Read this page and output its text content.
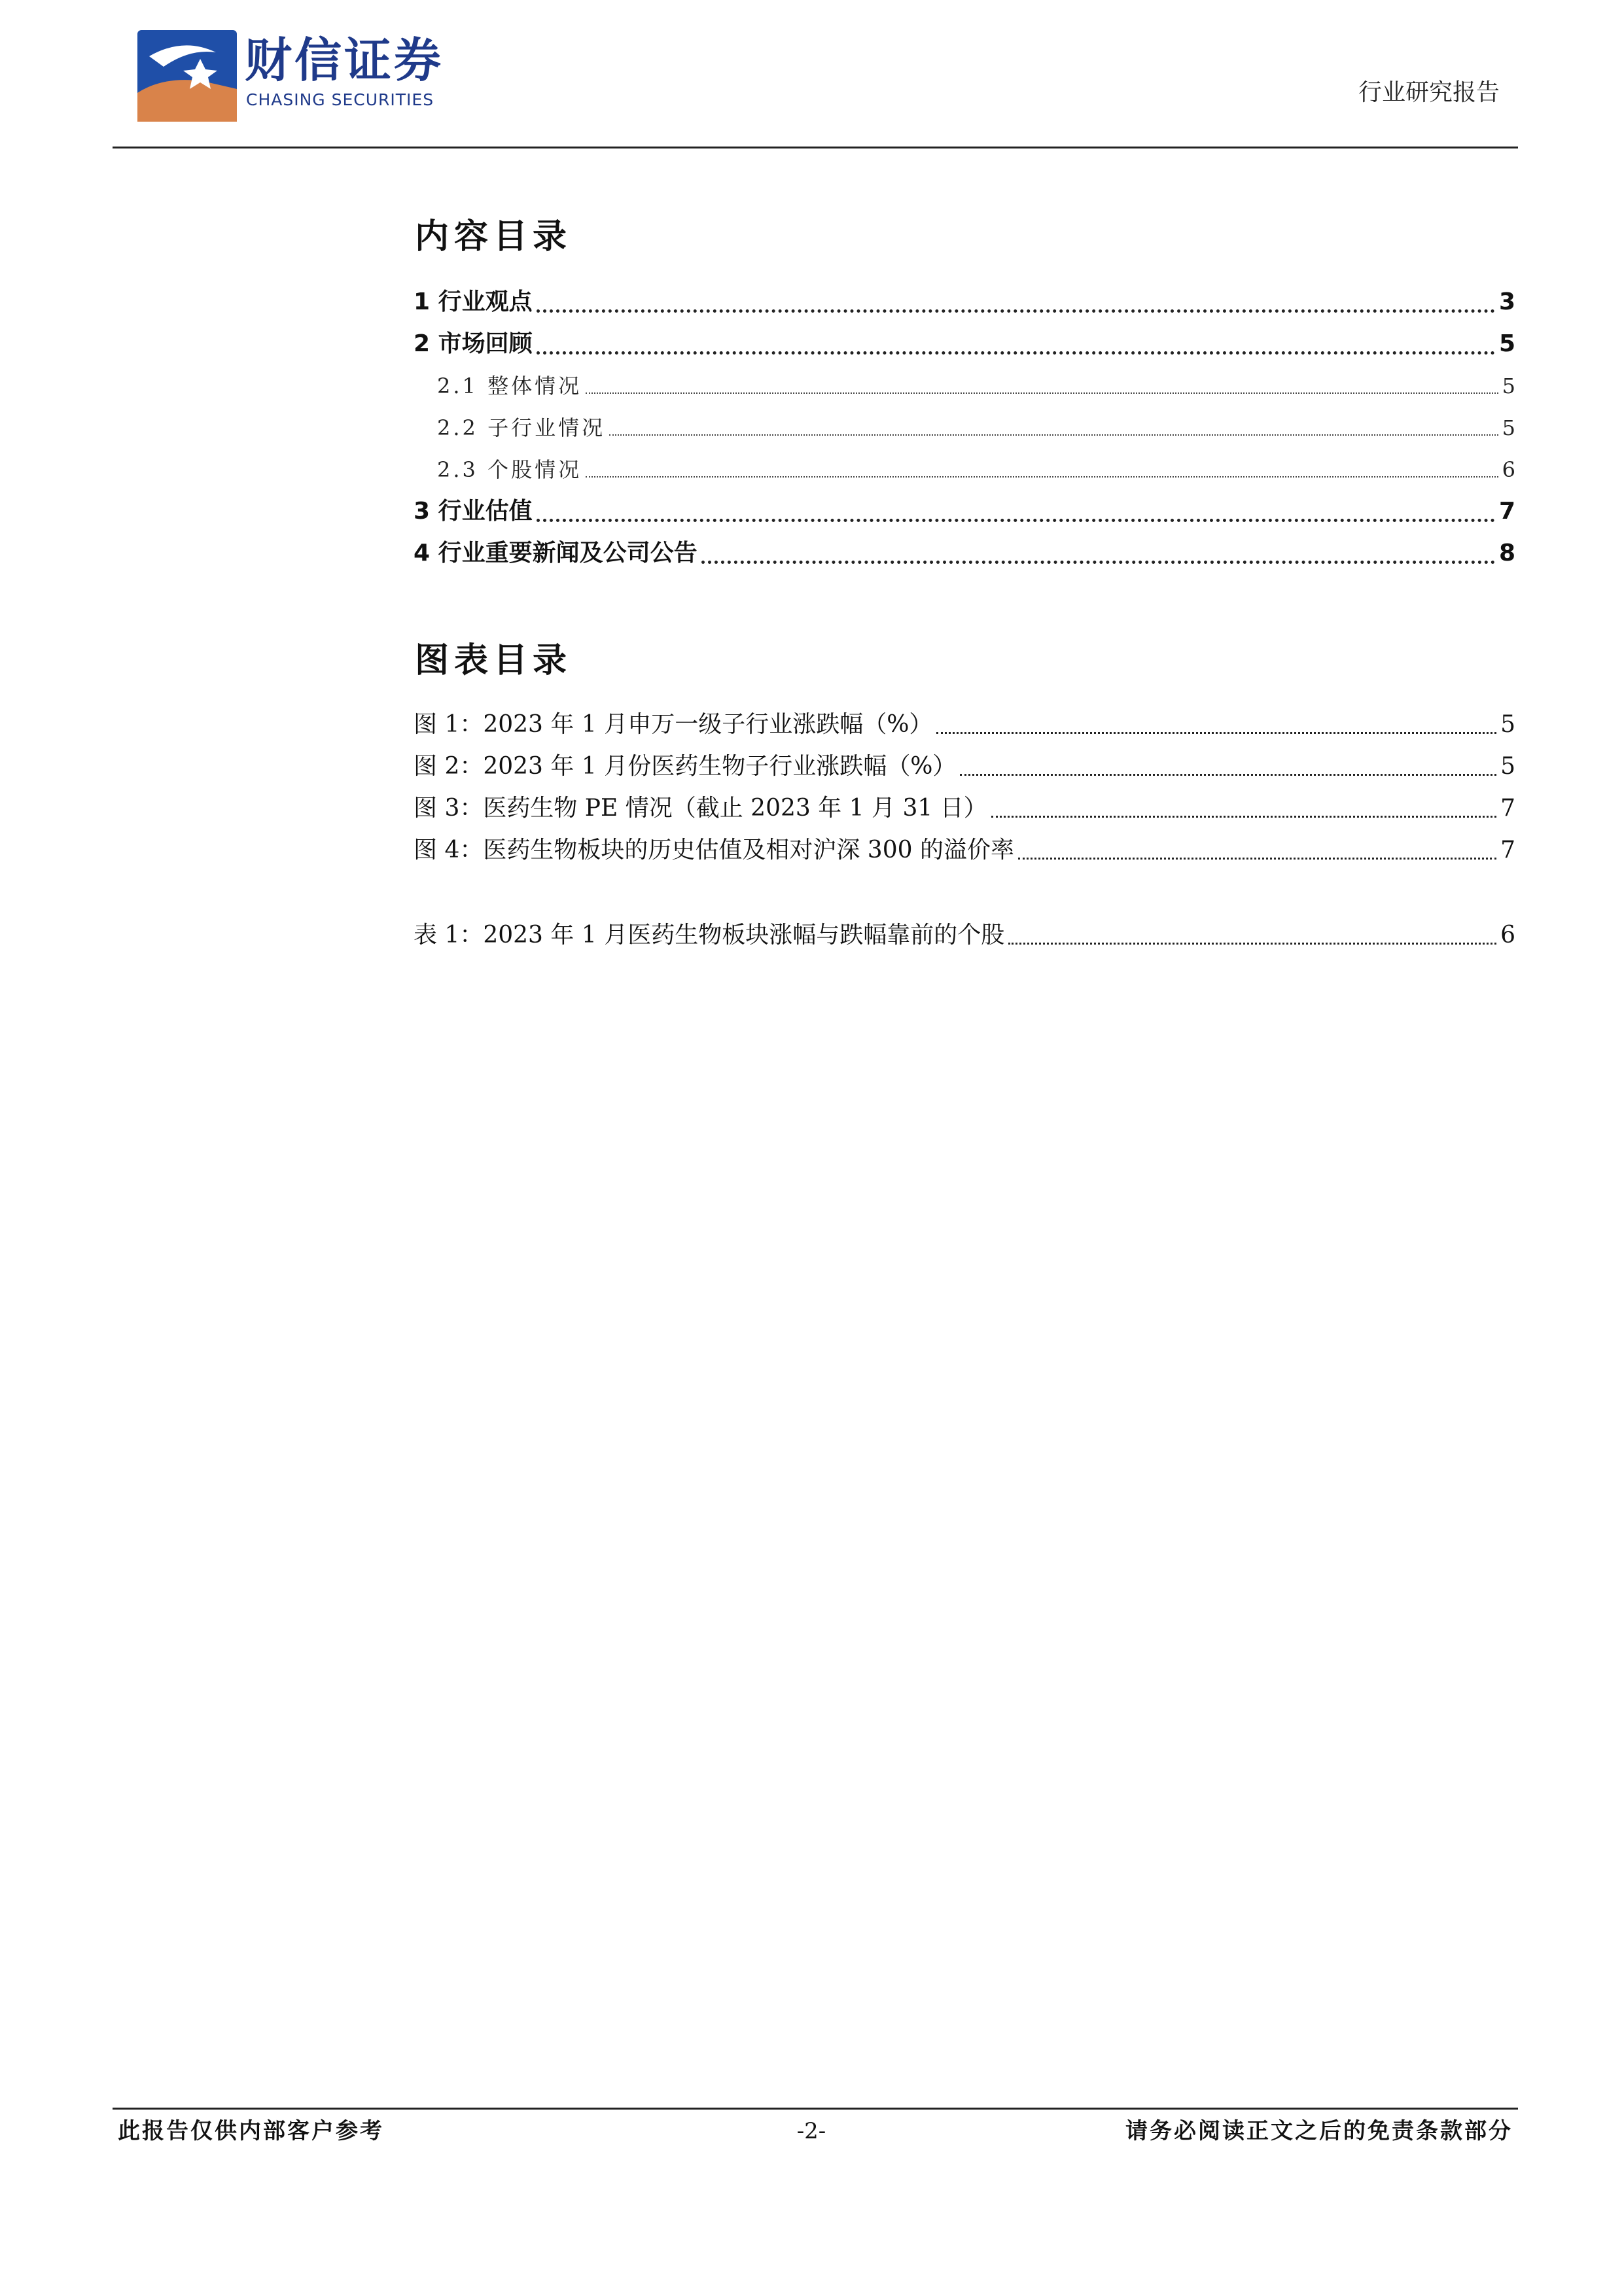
财信证券
CHASING SECURITIES	行业研究报告
内容目录
1 行业观点	3
2 市场回顾	5
2.1 整体情况	5
2.2 子行业情况	5
2.3 个股情况	6
3 行业估值	7
4 行业重要新闻及公司公告	8
图表目录
图 1：2023 年 1 月申万一级子行业涨跌幅（%）	5
图 2：2023 年 1 月份医药生物子行业涨跌幅（%）	5
图 3：医药生物 PE 情况（截止 2023 年 1 月 31 日）	7
图 4：医药生物板块的历史估值及相对沪深 300 的溢价率	7
表 1：2023 年 1 月医药生物板块涨幅与跌幅靠前的个股	6
此报告仅供内部客户参考	-2-	请务必阅读正文之后的免责条款部分
